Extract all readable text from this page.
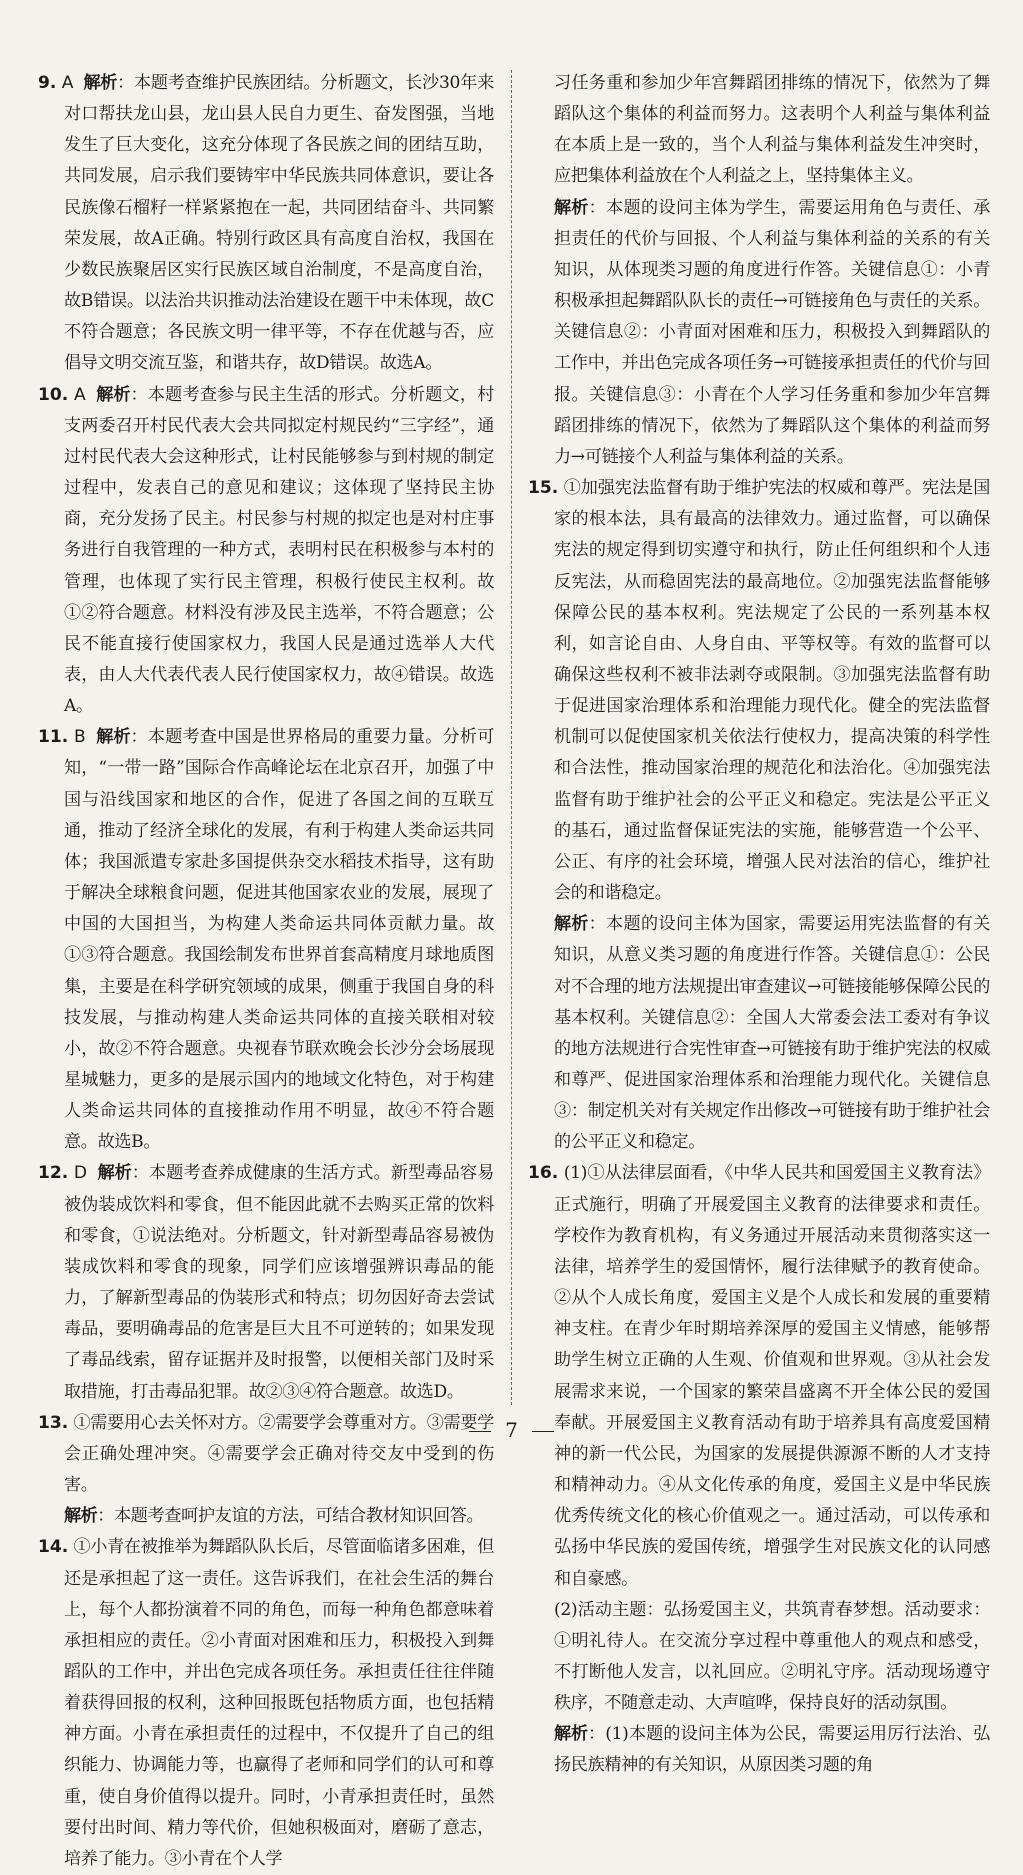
9. A 解析：本题考查维护民族团结。分析题文，长沙30年来对口帮扶龙山县，龙山县人民自力更生、奋发图强，当地发生了巨大变化，这充分体现了各民族之间的团结互助，共同发展，启示我们要铸牢中华民族共同体意识，要让各民族像石榴籽一样紧紧抱在一起，共同团结奋斗、共同繁荣发展，故A正确。特别行政区具有高度自治权，我国在少数民族聚居区实行民族区域自治制度，不是高度自治，故B错误。以法治共识推动法治建设在题干中未体现，故C不符合题意；各民族文明一律平等，不存在优越与否，应倡导文明交流互鉴，和谐共存，故D错误。故选A。

10. A 解析：本题考查参与民主生活的形式。分析题文，村支两委召开村民代表大会共同拟定村规民约“三字经”，通过村民代表大会这种形式，让村民能够参与到村规的制定过程中，发表自己的意见和建议；这体现了坚持民主协商，充分发扬了民主。村民参与村规的拟定也是对村庄事务进行自我管理的一种方式，表明村民在积极参与本村的管理，也体现了实行民主管理，积极行使民主权利。故①②符合题意。材料没有涉及民主选举，不符合题意；公民不能直接行使国家权力，我国人民是通过选举人大代表，由人大代表代表人民行使国家权力，故④错误。故选A。

11. B 解析：本题考查中国是世界格局的重要力量。分析可知，“一带一路”国际合作高峰论坛在北京召开，加强了中国与沿线国家和地区的合作，促进了各国之间的互联互通，推动了经济全球化的发展，有利于构建人类命运共同体；我国派遣专家赴多国提供杂交水稻技术指导，这有助于解决全球粮食问题，促进其他国家农业的发展，展现了中国的大国担当，为构建人类命运共同体贡献力量。故①③符合题意。我国绘制发布世界首套高精度月球地质图集，主要是在科学研究领域的成果，侧重于我国自身的科技发展，与推动构建人类命运共同体的直接关联相对较小，故②不符合题意。央视春节联欢晚会长沙分会场展现星城魅力，更多的是展示国内的地域文化特色，对于构建人类命运共同体的直接推动作用不明显，故④不符合题意。故选B。

12. D 解析：本题考查养成健康的生活方式。新型毒品容易被伪装成饮料和零食，但不能因此就不去购买正常的饮料和零食，①说法绝对。分析题文，针对新型毒品容易被伪装成饮料和零食的现象，同学们应该增强辨识毒品的能力，了解新型毒品的伪装形式和特点；切勿因好奇去尝试毒品，要明确毒品的危害是巨大且不可逆转的；如果发现了毒品线索，留存证据并及时报警，以便相关部门及时采取措施，打击毒品犯罪。故②③④符合题意。故选D。

13. ①需要用心去关怀对方。②需要学会尊重对方。③需要学会正确处理冲突。④需要学会正确对待交友中受到的伤害。

解析：本题考查呵护友谊的方法，可结合教材知识回答。

14. ①小青在被推举为舞蹈队队长后，尽管面临诸多困难，但还是承担起了这一责任。这告诉我们，在社会生活的舞台上，每个人都扮演着不同的角色，而每一种角色都意味着承担相应的责任。②小青面对困难和压力，积极投入到舞蹈队的工作中，并出色完成各项任务。承担责任往往伴随着获得回报的权利，这种回报既包括物质方面，也包括精神方面。小青在承担责任的过程中，不仅提升了自己的组织能力、协调能力等，也赢得了老师和同学们的认可和尊重，使自身价值得以提升。同时，小青承担责任时，虽然要付出时间、精力等代价，但她积极面对，磨砺了意志，培养了能力。③小青在个人学

习任务重和参加少年宫舞蹈团排练的情况下，依然为了舞蹈队这个集体的利益而努力。这表明个人利益与集体利益在本质上是一致的，当个人利益与集体利益发生冲突时，应把集体利益放在个人利益之上，坚持集体主义。

解析：本题的设问主体为学生，需要运用角色与责任、承担责任的代价与回报、个人利益与集体利益的关系的有关知识，从体现类习题的角度进行作答。关键信息①：小青积极承担起舞蹈队队长的责任→可链接角色与责任的关系。关键信息②：小青面对困难和压力，积极投入到舞蹈队的工作中，并出色完成各项任务→可链接承担责任的代价与回报。关键信息③：小青在个人学习任务重和参加少年宫舞蹈团排练的情况下，依然为了舞蹈队这个集体的利益而努力→可链接个人利益与集体利益的关系。

15. ①加强宪法监督有助于维护宪法的权威和尊严。宪法是国家的根本法，具有最高的法律效力。通过监督，可以确保宪法的规定得到切实遵守和执行，防止任何组织和个人违反宪法，从而稳固宪法的最高地位。②加强宪法监督能够保障公民的基本权利。宪法规定了公民的一系列基本权利，如言论自由、人身自由、平等权等。有效的监督可以确保这些权利不被非法剥夺或限制。③加强宪法监督有助于促进国家治理体系和治理能力现代化。健全的宪法监督机制可以促使国家机关依法行使权力，提高决策的科学性和合法性，推动国家治理的规范化和法治化。④加强宪法监督有助于维护社会的公平正义和稳定。宪法是公平正义的基石，通过监督保证宪法的实施，能够营造一个公平、公正、有序的社会环境，增强人民对法治的信心，维护社会的和谐稳定。

解析：本题的设问主体为国家，需要运用宪法监督的有关知识，从意义类习题的角度进行作答。关键信息①：公民对不合理的地方法规提出审查建议→可链接能够保障公民的基本权利。关键信息②：全国人大常委会法工委对有争议的地方法规进行合宪性审查→可链接有助于维护宪法的权威和尊严、促进国家治理体系和治理能力现代化。关键信息③：制定机关对有关规定作出修改→可链接有助于维护社会的公平正义和稳定。

16. (1)①从法律层面看，《中华人民共和国爱国主义教育法》正式施行，明确了开展爱国主义教育的法律要求和责任。学校作为教育机构，有义务通过开展活动来贯彻落实这一法律，培养学生的爱国情怀，履行法律赋予的教育使命。②从个人成长角度，爱国主义是个人成长和发展的重要精神支柱。在青少年时期培养深厚的爱国主义情感，能够帮助学生树立正确的人生观、价值观和世界观。③从社会发展需求来说，一个国家的繁荣昌盛离不开全体公民的爱国奉献。开展爱国主义教育活动有助于培养具有高度爱国精神的新一代公民，为国家的发展提供源源不断的人才支持和精神动力。④从文化传承的角度，爱国主义是中华民族优秀传统文化的核心价值观之一。通过活动，可以传承和弘扬中华民族的爱国传统，增强学生对民族文化的认同感和自豪感。

(2)活动主题：弘扬爱国主义，共筑青春梦想。活动要求：①明礼待人。在交流分享过程中尊重他人的观点和感受，不打断他人发言，以礼回应。②明礼守序。活动现场遵守秩序，不随意走动、大声喧哗，保持良好的活动氛围。

解析：(1)本题的设问主体为公民，需要运用厉行法治、弘扬民族精神的有关知识，从原因类习题的角

7
